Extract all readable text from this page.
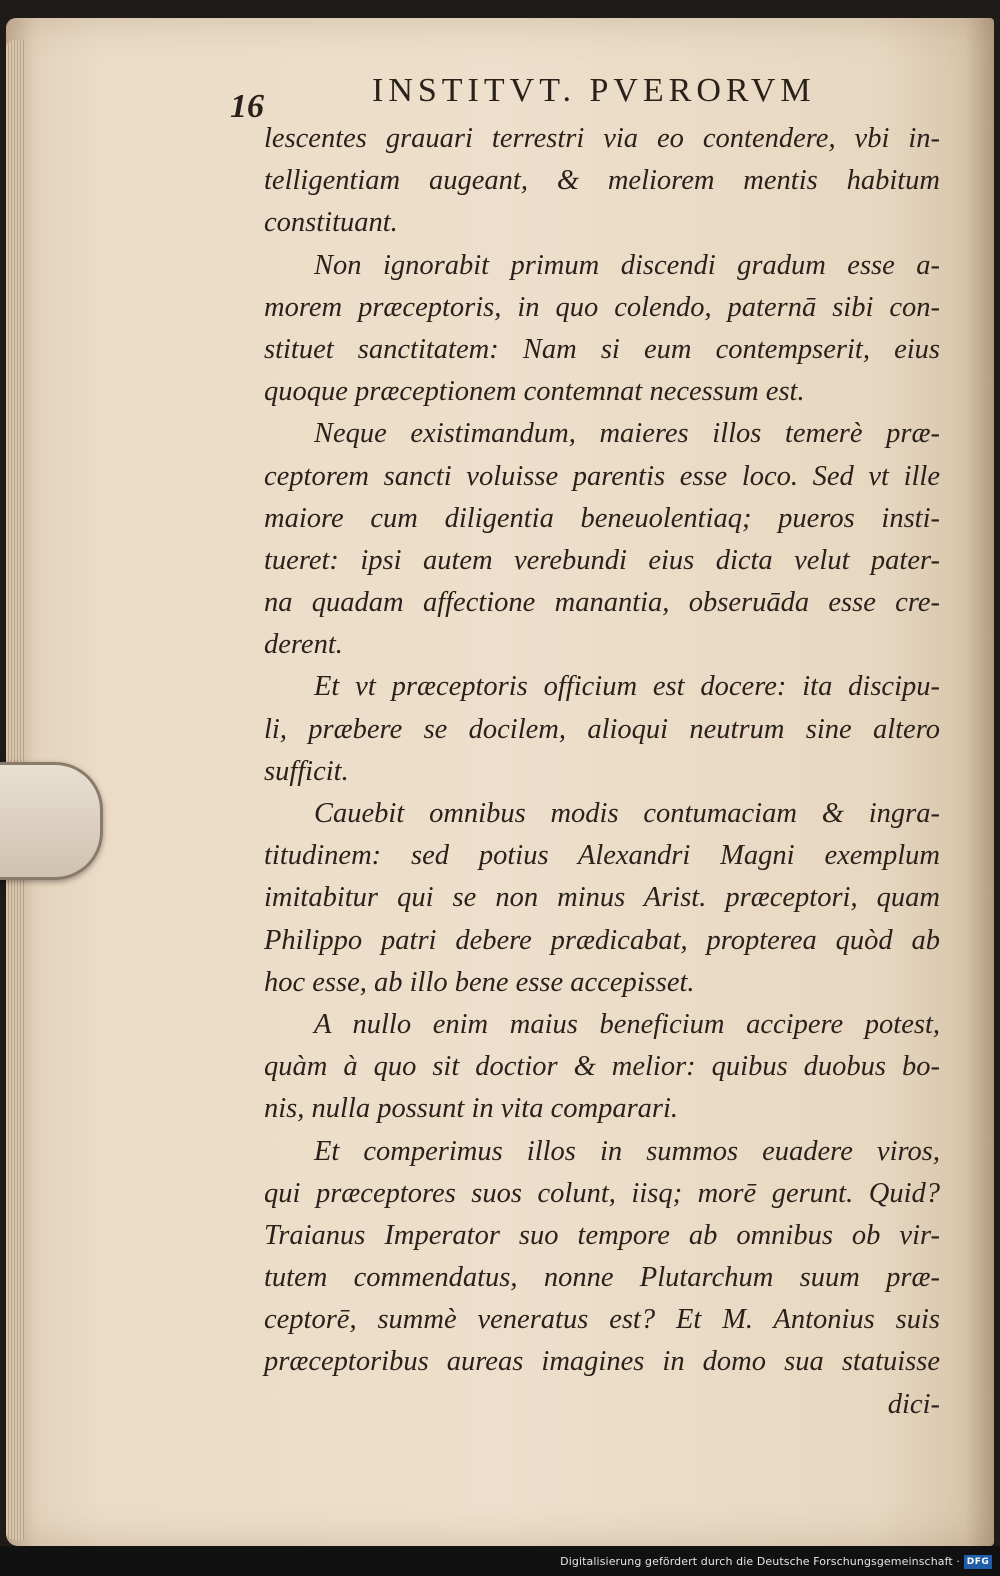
16	INSTITVT. PVERORVM
lescentes grauari terrestri via eo contendere, vbi in-
telligentiam augeant, & meliorem mentis habitum
constituant.
Non ignorabit primum discendi gradum esse a-
morem præceptoris, in quo colendo, paternā sibi con-
stituet sanctitatem: Nam si eum contempserit, eius
quoque præceptionem contemnat necessum est.
Neque existimandum, maieres illos temerè præ-
ceptorem sancti voluisse parentis esse loco. Sed vt ille
maiore cum diligentia beneuolentiaq; pueros insti-
tueret: ipsi autem verebundi eius dicta velut pater-
na quadam affectione manantia, obseruāda esse cre-
derent.
Et vt præceptoris officium est docere: ita discipu-
li, præbere se docilem, alioqui neutrum sine altero
sufficit.
Cauebit omnibus modis contumaciam & ingra-
titudinem: sed potius Alexandri Magni exemplum
imitabitur qui se non minus Arist. præceptori, quam
Philippo patri debere prædicabat, propterea quòd ab
hoc esse, ab illo bene esse accepisset.
A nullo enim maius beneficium accipere potest,
quàm à quo sit doctior & melior: quibus duobus bo-
nis, nulla possunt in vita comparari.
Et comperimus illos in summos euadere viros,
qui præceptores suos colunt, iisq; morē gerunt. Quid?
Traianus Imperator suo tempore ab omnibus ob vir-
tutem commendatus, nonne Plutarchum suum præ-
ceptorē, summè veneratus est? Et M. Antonius suis
præceptoribus aureas imagines in domo sua statuisse
dici-
Digitalisierung gefördert durch die Deutsche Forschungsgemeinschaft · DFG
